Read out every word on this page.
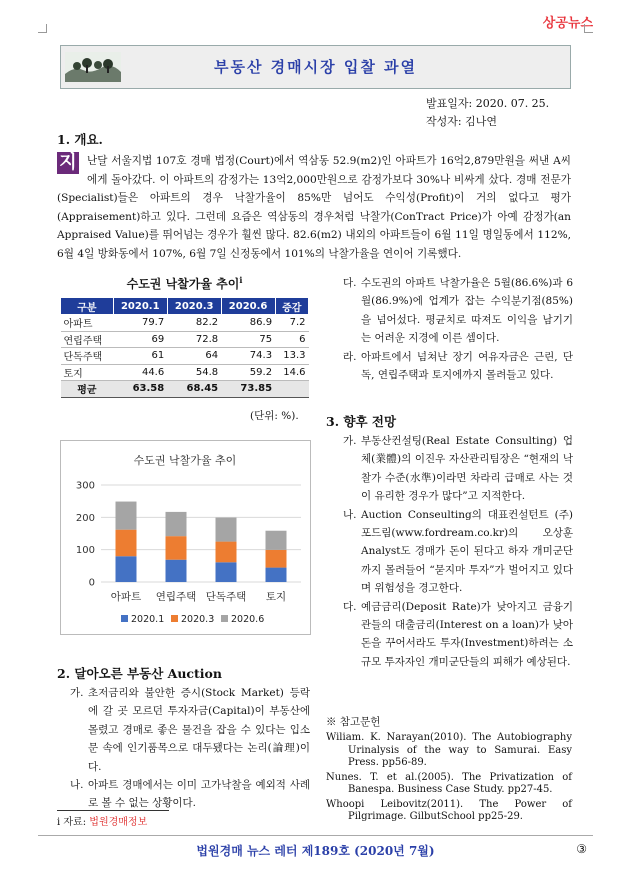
상공뉴스
부동산 경매시장 입찰 과열
발표일자: 2020. 07. 25.
작성자: 김나연
1. 개요.
지 난달 서울지법 107호 경매 법정(Court)에서 역삼동 52.9(m2)인 아파트가 16억2,879만원을 써낸 A씨에게 돌아갔다. 이 아파트의 감정가는 13억2,000만원으로 감정가보다 30%나 비싸게 샀다. 경매 전문가(Specialist)들은 아파트의 경우 낙찰가율이 85%만 넘어도 수익성(Profit)이 거의 없다고 평가(Appraisement)하고 있다. 그런데 요즘은 역삼동의 경우처럼 낙찰가(ConTract Price)가 아예 감정가(an Appraised Value)를 뛰어넘는 경우가 훨씬 많다. 82.6(m2) 내외의 아파트들이 6월 11일 명일동에서 112%, 6월 4일 방화동에서 107%, 6월 7일 신정동에서 101%의 낙찰가율을 연이어 기록했다.
수도권 낙찰가율 추이$^i$
구분	2020.1	2020.3	2020.6	증감
아파트	79.7	82.2	86.9	7.2
연립주택	69	72.8	75	6
단독주택	61	64	74.3	13.3
토지	44.6	54.8	59.2	14.6
평균	63.58	68.45	73.85	
(단위: %).
수도권 낙찰가율 추이
0
100
200
300
아파트 연립주택 단독주택 토지
2020.1 2020.3 2020.6
2. 달아오른 부동산 Auction
가. 초저금리와 불안한 증시(Stock Market) 등락에 갈 곳 모르던 투자자금(Capital)이 부동산에 몰렸고 경매로 좋은 물건을 잡을 수 있다는 입소문 속에 인기품목으로 대두됐다는 논리(論理)이다.
나. 아파트 경매에서는 이미 고가낙찰을 예외적 사례로 볼 수 없는 상황이다.
다. 수도권의 아파트 낙찰가율은 5월(86.6%)과 6월(86.9%)에 업계가 잡는 수익분기점(85%)을 넘어섰다. 평균치로 따져도 이익을 남기기는 어려운 지경에 이른 셈이다.
라. 아파트에서 넘쳐난 장기 여유자금은 근린, 단독, 연립주택과 토지에까지 몰려들고 있다.
3. 향후 전망
가. 부동산컨설팅(Real Estate Consulting) 업체(業體)의 이진우 자산관리팀장은 “현재의 낙찰가 수준(水準)이라면 차라리 급매로 사는 것이 유리한 경우가 많다”고 지적한다.
나. Auction Conseulting의 대표컨설턴트 (주) 포드림(www.fordream.co.kr)의 오상훈 Analyst도 경매가 돈이 된다고 하자 개미군단까지 몰려들어 “묻지마 투자”가 벌어지고 있다며 위험성을 경고한다.
다. 예금금리(Deposit Rate)가 낮아지고 금융기관들의 대출금리(Interest on a loan)가 낮아 돈을 꾸어서라도 투자(Investment)하려는 소규모 투자자인 개미군단들의 피해가 예상된다.
※ 참고문헌
Wiliam. K. Narayan(2010). The Autobiography Urinalysis of the way to Samurai. Easy Press. pp56-89.
Nunes. T. et al.(2005). The Privatization of Banespa. Business Case Study. pp27-45.
Whoopi Leibovitz(2011). The Power of Pilgrimage. GilbutSchool pp25-29.
i 자료: 법원경매정보
법원경매 뉴스 레터 제189호 (2020년 7월)	③
